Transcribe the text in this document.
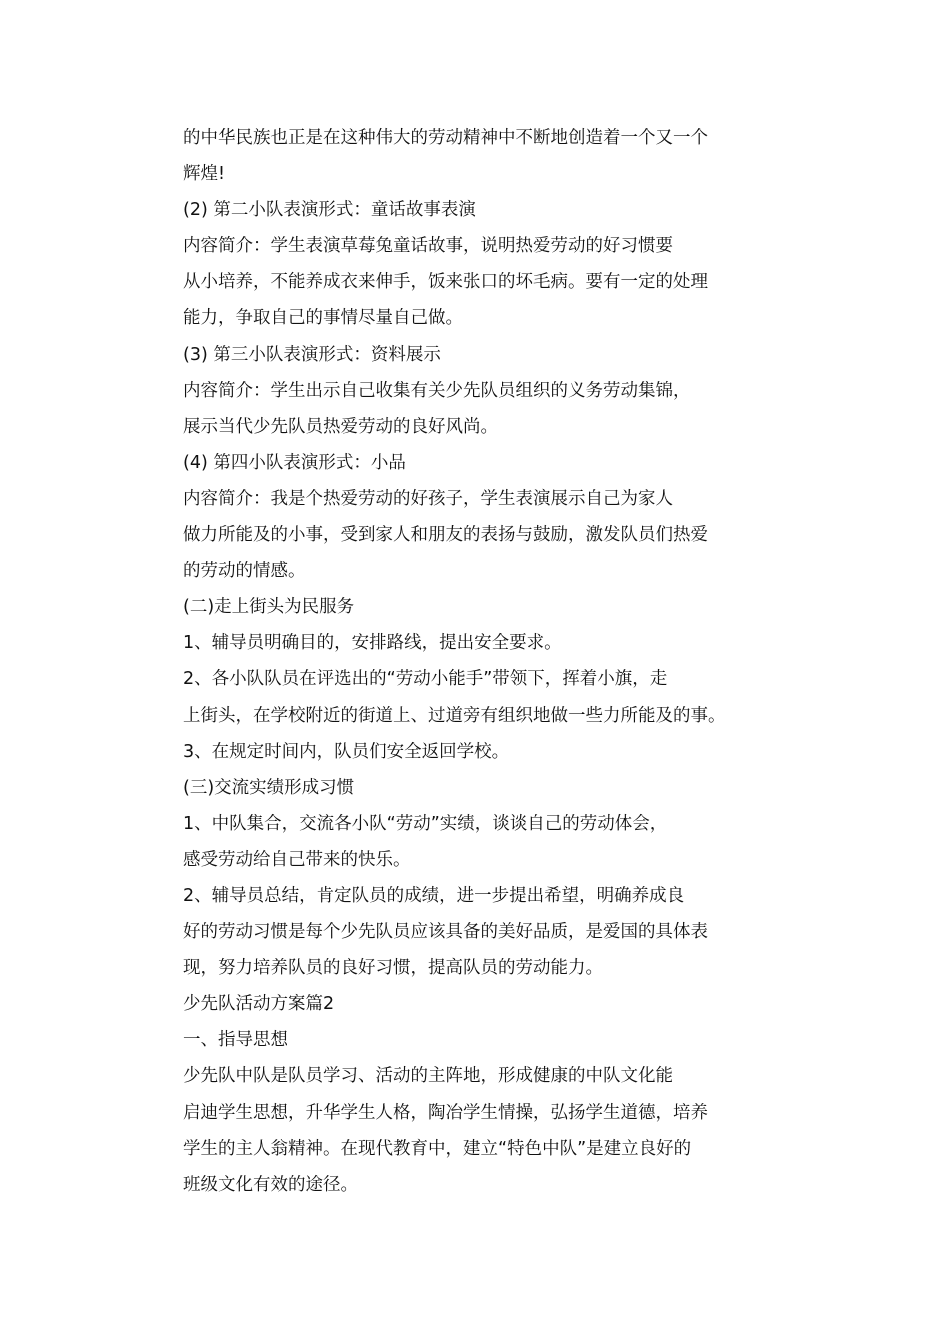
的中华民族也正是在这种伟大的劳动精神中不断地创造着一个又一个
辉煌!
(2) 第二小队表演形式：童话故事表演
内容简介：学生表演草莓兔童话故事，说明热爱劳动的好习惯要
从小培养，不能养成衣来伸手，饭来张口的坏毛病。要有一定的处理
能力，争取自己的事情尽量自己做。
(3) 第三小队表演形式：资料展示
内容简介：学生出示自己收集有关少先队员组织的义务劳动集锦，
展示当代少先队员热爱劳动的良好风尚。
(4) 第四小队表演形式：小品
内容简介：我是个热爱劳动的好孩子，学生表演展示自己为家人
做力所能及的小事，受到家人和朋友的表扬与鼓励，激发队员们热爱
的劳动的情感。
(二)走上街头为民服务
1、辅导员明确目的，安排路线，提出安全要求。
2、各小队队员在评选出的“劳动小能手”带领下，挥着小旗，走
上街头，在学校附近的街道上、过道旁有组织地做一些力所能及的事。
3、在规定时间内，队员们安全返回学校。
(三)交流实绩形成习惯
1、中队集合，交流各小队“劳动”实绩，谈谈自己的劳动体会，
感受劳动给自己带来的快乐。
2、辅导员总结，肯定队员的成绩，进一步提出希望，明确养成良
好的劳动习惯是每个少先队员应该具备的美好品质，是爱国的具体表
现，努力培养队员的良好习惯，提高队员的劳动能力。
少先队活动方案篇2
一、指导思想
少先队中队是队员学习、活动的主阵地，形成健康的中队文化能
启迪学生思想，升华学生人格，陶冶学生情操，弘扬学生道德，培养
学生的主人翁精神。在现代教育中，建立“特色中队”是建立良好的
班级文化有效的途径。
